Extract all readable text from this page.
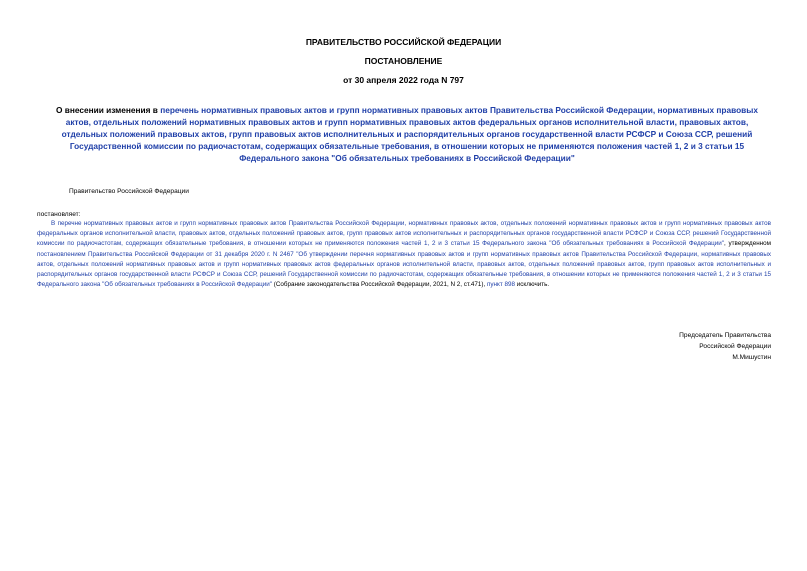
ПРАВИТЕЛЬСТВО РОССИЙСКОЙ ФЕДЕРАЦИИ
ПОСТАНОВЛЕНИЕ
от 30 апреля 2022 года N 797
О внесении изменения в перечень нормативных правовых актов и групп нормативных правовых актов Правительства Российской Федерации, нормативных правовых актов, отдельных положений нормативных правовых актов и групп нормативных правовых актов федеральных органов исполнительной власти, правовых актов, отдельных положений правовых актов, групп правовых актов исполнительных и распорядительных органов государственной власти РСФСР и Союза ССР, решений Государственной комиссии по радиочастотам, содержащих обязательные требования, в отношении которых не применяются положения частей 1, 2 и 3 статьи 15 Федерального закона "Об обязательных требованиях в Российской Федерации"
Правительство Российской Федерации
постановляет:
В перечне нормативных правовых актов и групп нормативных правовых актов Правительства Российской Федерации, нормативных правовых актов, отдельных положений нормативных правовых актов и групп нормативных правовых актов федеральных органов исполнительной власти, правовых актов, отдельных положений правовых актов, групп правовых актов исполнительных и распорядительных органов государственной власти РСФСР и Союза ССР, решений Государственной комиссии по радиочастотам, содержащих обязательные требования, в отношении которых не применяются положения частей 1, 2 и 3 статьи 15 Федерального закона "Об обязательных требованиях в Российской Федерации", утвержденном постановлением Правительства Российской Федерации от 31 декабря 2020 г. N 2467 "Об утверждении перечня нормативных правовых актов и групп нормативных правовых актов Правительства Российской Федерации, нормативных правовых актов, отдельных положений нормативных правовых актов и групп нормативных правовых актов федеральных органов исполнительной власти, правовых актов, отдельных положений правовых актов, групп правовых актов исполнительных и распорядительных органов государственной власти РСФСР и Союза ССР, решений Государственной комиссии по радиочастотам, содержащих обязательные требования, в отношении которых не применяются положения частей 1, 2 и 3 статьи 15 Федерального закона "Об обязательных требованиях в Российской Федерации" (Собрание законодательства Российской Федерации, 2021, N 2, ст.471), пункт 898 исключить.
Председатель Правительства
Российской Федерации
М.Мишустин
